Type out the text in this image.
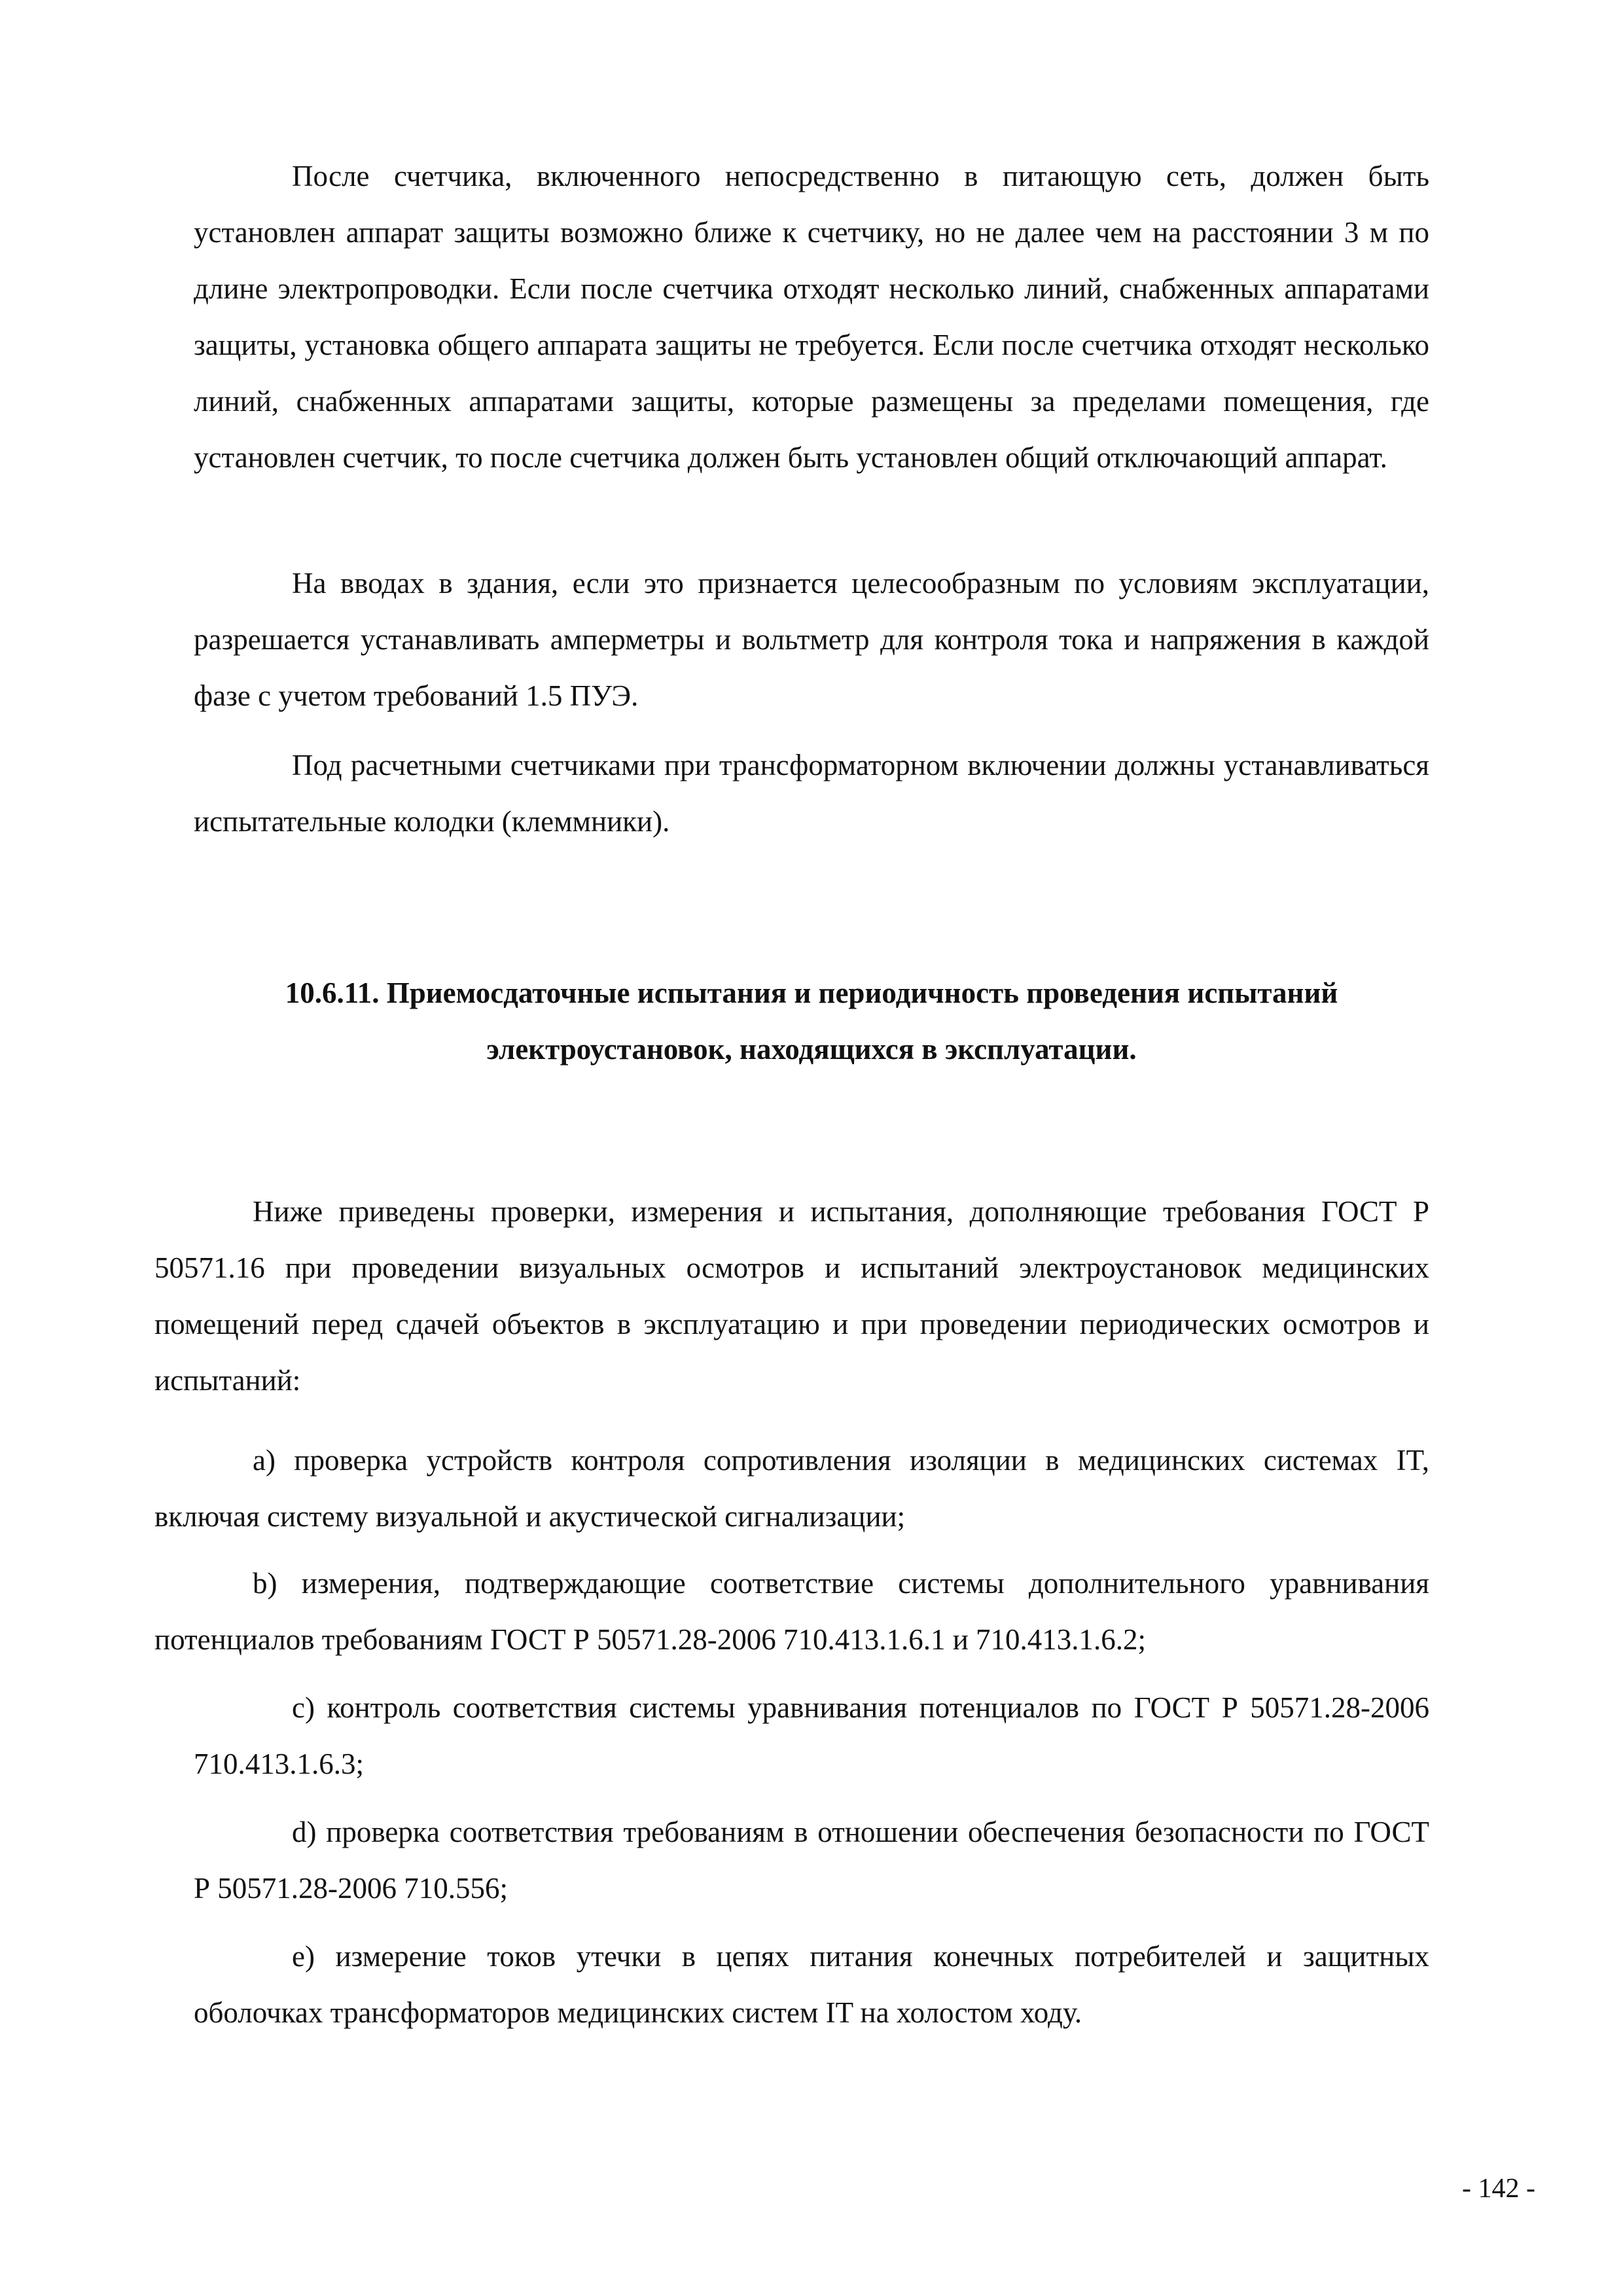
После счетчика, включенного непосредственно в питающую сеть, должен быть установлен аппарат защиты возможно ближе к счетчику, но не далее чем на расстоянии 3 м по длине электропроводки. Если после счетчика отходят несколько линий, снабженных аппаратами защиты, установка общего аппарата защиты не требуется. Если после счетчика отходят несколько линий, снабженных аппаратами защиты, которые размещены за пределами помещения, где установлен счетчик, то после счетчика должен быть установлен общий отключающий аппарат.

На вводах в здания, если это признается целесообразным по условиям эксплуатации, разрешается устанавливать амперметры и вольтметр для контроля тока и напряжения в каждой фазе с учетом требований 1.5 ПУЭ.

Под расчетными счетчиками при трансформаторном включении должны устанавливаться испытательные колодки (клеммники).

10.6.11. Приемосдаточные испытания и периодичность проведения испытаний
электроустановок, находящихся в эксплуатации.

Ниже приведены проверки, измерения и испытания, дополняющие требования ГОСТ Р 50571.16 при проведении визуальных осмотров и испытаний электроустановок медицинских помещений перед сдачей объектов в эксплуатацию и при проведении периодических осмотров и испытаний:

a) проверка устройств контроля сопротивления изоляции в медицинских системах IT, включая систему визуальной и акустической сигнализации;

b) измерения, подтверждающие соответствие системы дополнительного уравнивания потенциалов требованиям ГОСТ Р 50571.28-2006 710.413.1.6.1 и 710.413.1.6.2;

c) контроль соответствия системы уравнивания потенциалов по ГОСТ Р 50571.28-2006 710.413.1.6.3;

d) проверка соответствия требованиям в отношении обеспечения безопасности по ГОСТ Р 50571.28-2006 710.556;

e) измерение токов утечки в цепях питания конечных потребителей и защитных оболочках трансформаторов медицинских систем IT на холостом ходу.

- 142 -
